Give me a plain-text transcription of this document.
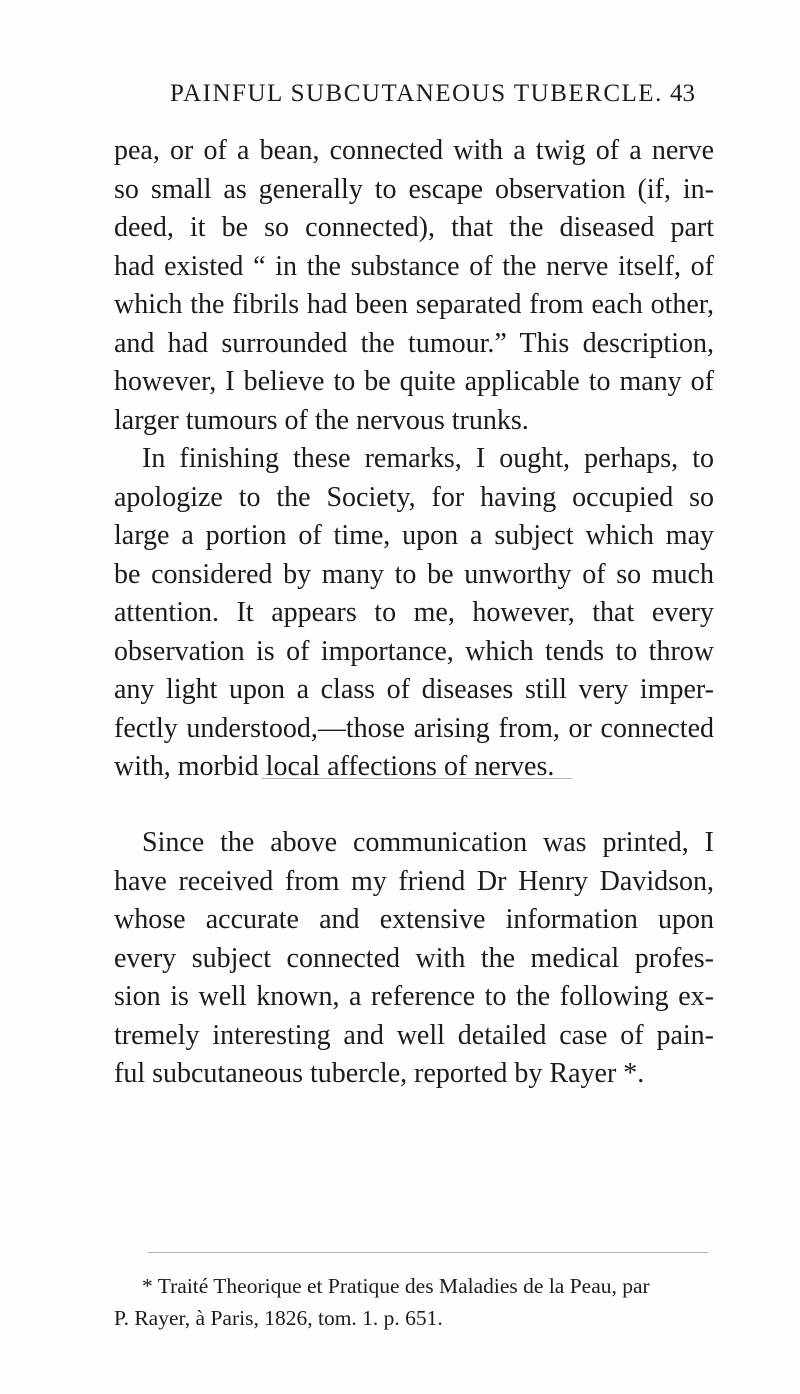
PAINFUL SUBCUTANEOUS TUBERCLE. 43
pea, or of a bean, connected with a twig of a nerve
so small as generally to escape observation (if, in-
deed, it be so connected), that the diseased part
had existed “ in the substance of the nerve itself, of
which the fibrils had been separated from each other,
and had surrounded the tumour.” This description,
however, I believe to be quite applicable to many of
larger tumours of the nervous trunks.
In finishing these remarks, I ought, perhaps, to
apologize to the Society, for having occupied so
large a portion of time, upon a subject which may
be considered by many to be unworthy of so much
attention. It appears to me, however, that every
observation is of importance, which tends to throw
any light upon a class of diseases still very imper-
fectly understood,—those arising from, or connected
with, morbid local affections of nerves.
Since the above communication was printed, I
have received from my friend Dr Henry Davidson,
whose accurate and extensive information upon
every subject connected with the medical profes-
sion is well known, a reference to the following ex-
tremely interesting and well detailed case of pain-
ful subcutaneous tubercle, reported by Rayer *.
* Traité Theorique et Pratique des Maladies de la Peau, par
P. Rayer, à Paris, 1826, tom. 1. p. 651.
